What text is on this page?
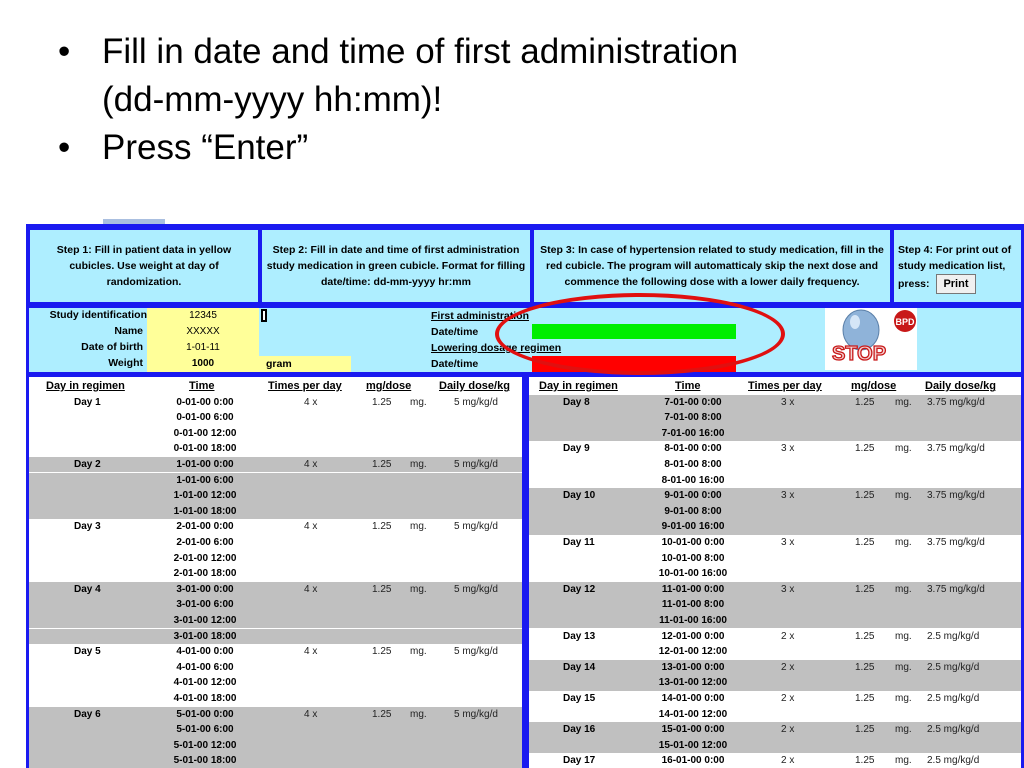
• Fill in date and time of first administration
(dd-mm-yyyy hh:mm)!
• Press “Enter”
Step 1: Fill in patient data in yellow cubicles. Use weight at day of randomization.
Step 2: Fill in date and time of first administration study medication in green cubicle. Format for filling date/time: dd-mm-yyyy hr:mm
Step 3: In case of hypertension related to study medication, fill in the red cubicle. The program will automatticaly skip the next dose and commence the following dose with a lower daily frequency.
Step 4: For print out of study medication list, press: Print
Study identification	12345
Name	XXXXX
Date of birth	1-01-11
Weight	1000	gram
First administration
Date/time
Lowering dosage regimen
Date/time
BPD
STOP
Day in regimen	Time	Times per day mg/dose	Daily dose/kg
Day 1	0-01-00 0:00	4 x	1.25 mg.	5 mg/kg/d
0-01-00 6:00
0-01-00 12:00
0-01-00 18:00
Day 2	1-01-00 0:00	4 x	1.25 mg.	5 mg/kg/d
1-01-00 6:00
1-01-00 12:00
1-01-00 18:00
Day 3	2-01-00 0:00	4 x	1.25 mg.	5 mg/kg/d
2-01-00 6:00
2-01-00 12:00
2-01-00 18:00
Day 4	3-01-00 0:00	4 x	1.25 mg.	5 mg/kg/d
3-01-00 6:00
3-01-00 12:00
3-01-00 18:00
Day 5	4-01-00 0:00	4 x	1.25 mg.	5 mg/kg/d
4-01-00 6:00
4-01-00 12:00
4-01-00 18:00
Day 6	5-01-00 0:00	4 x	1.25 mg.	5 mg/kg/d
5-01-00 6:00
5-01-00 12:00
5-01-00 18:00
Day in regimen	Time	Times per day	mg/dose	Daily dose/kg
Day 8	7-01-00 0:00	3 x	1.25 mg. 3.75 mg/kg/d
7-01-00 8:00
7-01-00 16:00
Day 9	8-01-00 0:00	3 x	1.25 mg. 3.75 mg/kg/d
8-01-00 8:00
8-01-00 16:00
Day 10	9-01-00 0:00	3 x	1.25 mg. 3.75 mg/kg/d
9-01-00 8:00
9-01-00 16:00
Day 11	10-01-00 0:00	3 x	1.25 mg. 3.75 mg/kg/d
10-01-00 8:00
10-01-00 16:00
Day 12	11-01-00 0:00	3 x	1.25 mg. 3.75 mg/kg/d
11-01-00 8:00
11-01-00 16:00
Day 13	12-01-00 0:00	2 x	1.25 mg. 2.5 mg/kg/d
12-01-00 12:00
Day 14	13-01-00 0:00	2 x	1.25 mg. 2.5 mg/kg/d
13-01-00 12:00
Day 15	14-01-00 0:00	2 x	1.25 mg. 2.5 mg/kg/d
14-01-00 12:00
Day 16	15-01-00 0:00	2 x	1.25 mg. 2.5 mg/kg/d
15-01-00 12:00
Day 17	16-01-00 0:00	2 x	1.25 mg. 2.5 mg/kg/d
